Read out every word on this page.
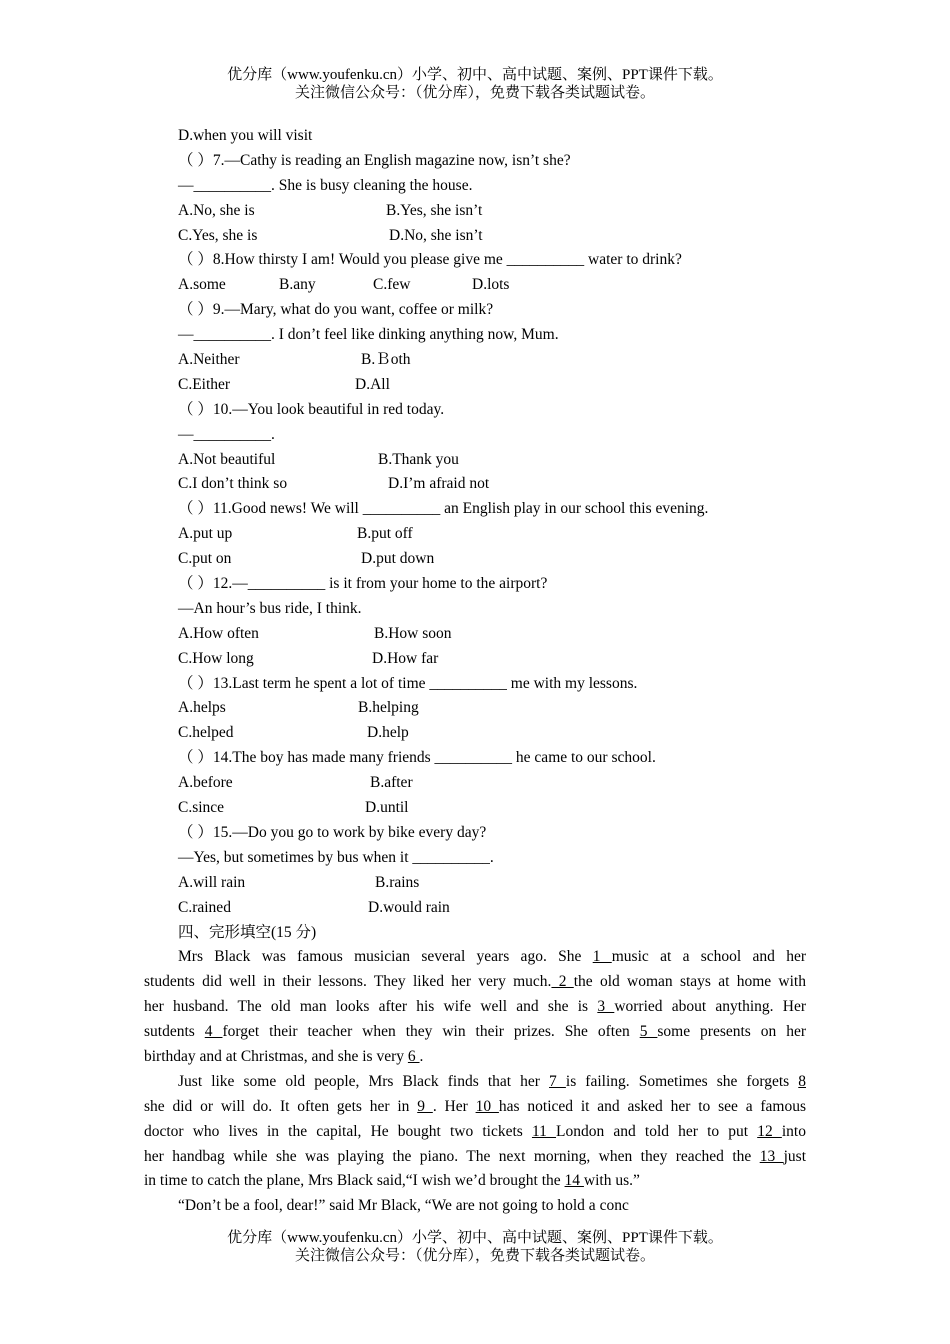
优分库（www.youfenku.cn）小学、初中、高中试题、案例、PPT课件下载。
关注微信公众号：（优分库），免费下载各类试题试卷。
D.when you will visit
（ ）7.—Cathy is reading an English magazine now, isn’t she?
—__________. She is busy cleaning the house.
A.No, she is	B.Yes, she isn’t
C.Yes, she is	D.No, she isn’t
（ ）8.How thirsty I am! Would you please give me __________ water to drink?
A.some	B.any	C.few	D.lots
（ ）9.—Mary, what do you want, coffee or milk?
—__________. I don’t feel like dinking anything now, Mum.
A.Neither	B.Ｂoth
C.Either	D.All
（ ）10.—You look beautiful in red today.
—__________.
A.Not beautiful	B.Thank you
C.I don’t think so	D.I’m afraid not
（ ）11.Good news! We will __________ an English play in our school this evening.
A.put up	B.put off
C.put on	D.put down
（ ）12.—__________ is it from your home to the airport?
—An hour’s bus ride, I think.
A.How often	B.How soon
C.How long	D.How far
（ ）13.Last term he spent a lot of time __________ me with my lessons.
A.helps	B.helping
C.helped	D.help
（ ）14.The boy has made many friends __________ he came to our school.
A.before	B.after
C.since	D.until
（ ）15.—Do you go to work by bike every day?
—Yes, but sometimes by bus when it __________.
A.will rain	B.rains
C.rained	D.would rain
四、完形填空(15 分)
Mrs Black was famous musician several years ago. She 1 music at a school and her
students did well in their lessons. They liked her very much. 2 the old woman stays at home with
her husband. The old man looks after his wife well and she is 3 worried about anything. Her
sutdents 4 forget their teacher when they win their prizes. She often 5 some presents on her
birthday and at Christmas, and she is very 6 .
Just like some old people, Mrs Black finds that her 7 is failing. Sometimes she forgets 8
she did or will do. It often gets her in 9 . Her 10 has noticed it and asked her to see a famous
doctor who lives in the capital, He bought two tickets 11 London and told her to put 12 into
her handbag while she was playing the piano. The next morning, when they reached the 13 just
in time to catch the plane, Mrs Black said,“I wish we’d brought the 14 with us.”
“Don’t be a fool, dear!” said Mr Black, “We are not going to hold a conc
优分库（www.youfenku.cn）小学、初中、高中试题、案例、PPT课件下载。
关注微信公众号：（优分库），免费下载各类试题试卷。
